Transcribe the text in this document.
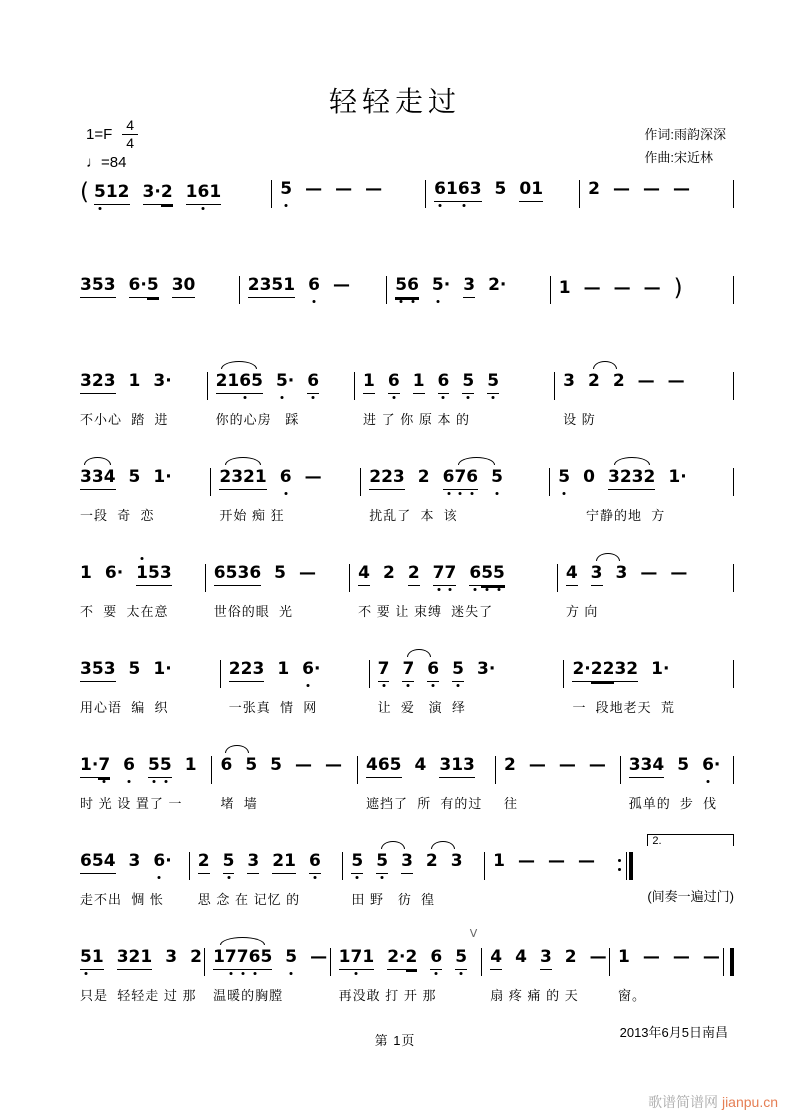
轻轻走过
1=F
4
4
♩=84
作词:雨韵深深
作曲:宋近林
( 512 3·2 161	5 — — —	6163 5 01	2 — — —
353 6·5 30	2351 6 —	56 5· 3 2·	1 — — — )
323 1 3·
不小心  踏  进
2165 5· 6
你的心房   踩
1 6 1 6 5 5
进 了 你 原 本 的
3 2 2 — —
设 防
334 5 1·
一段  奇  恋
2321 6 —
开始 痴 狂
223 2 676 5
扰乱了  本  该
5 0 3232 1·
宁静的地  方
1 6· 153
不  要  太在意
6536 5 —
世俗的眼  光
4 2 2 77 655
不 要 让 束缚  迷失了
4 3 3 — —
方 向
353 5 1·
用心语  编  织
223 1 6·
一张真  情  网
7 7 6 5 3·
让  爱   演  绎
2·2232 1·
一  段地老天  荒
1·7 6 55 1
时 光 设 置了 一
6 5 5 — —
堵  墙
465 4 313
遮挡了  所  有的过
2 — — —
往
334 5 6·
孤单的  步  伐
654 3 6·
走不出  惆 怅
2 5 3 21 6
思 念 在 记忆 的
5 5 3 2 3
田 野   彷  徨
1 — — —
2.
(间奏一遍过门)
51 321 3 2
只是  轻轻走 过 那
17765 5 —
温暖的胸膛
171 2·2 6 5
V
再没敢 打 开 那
4 4 3 2 —
扇 疼 痛 的 天
1 — — —
窗。
第 1页
2013年6月5日南昌
歌谱简谱网 jianpu.cn
